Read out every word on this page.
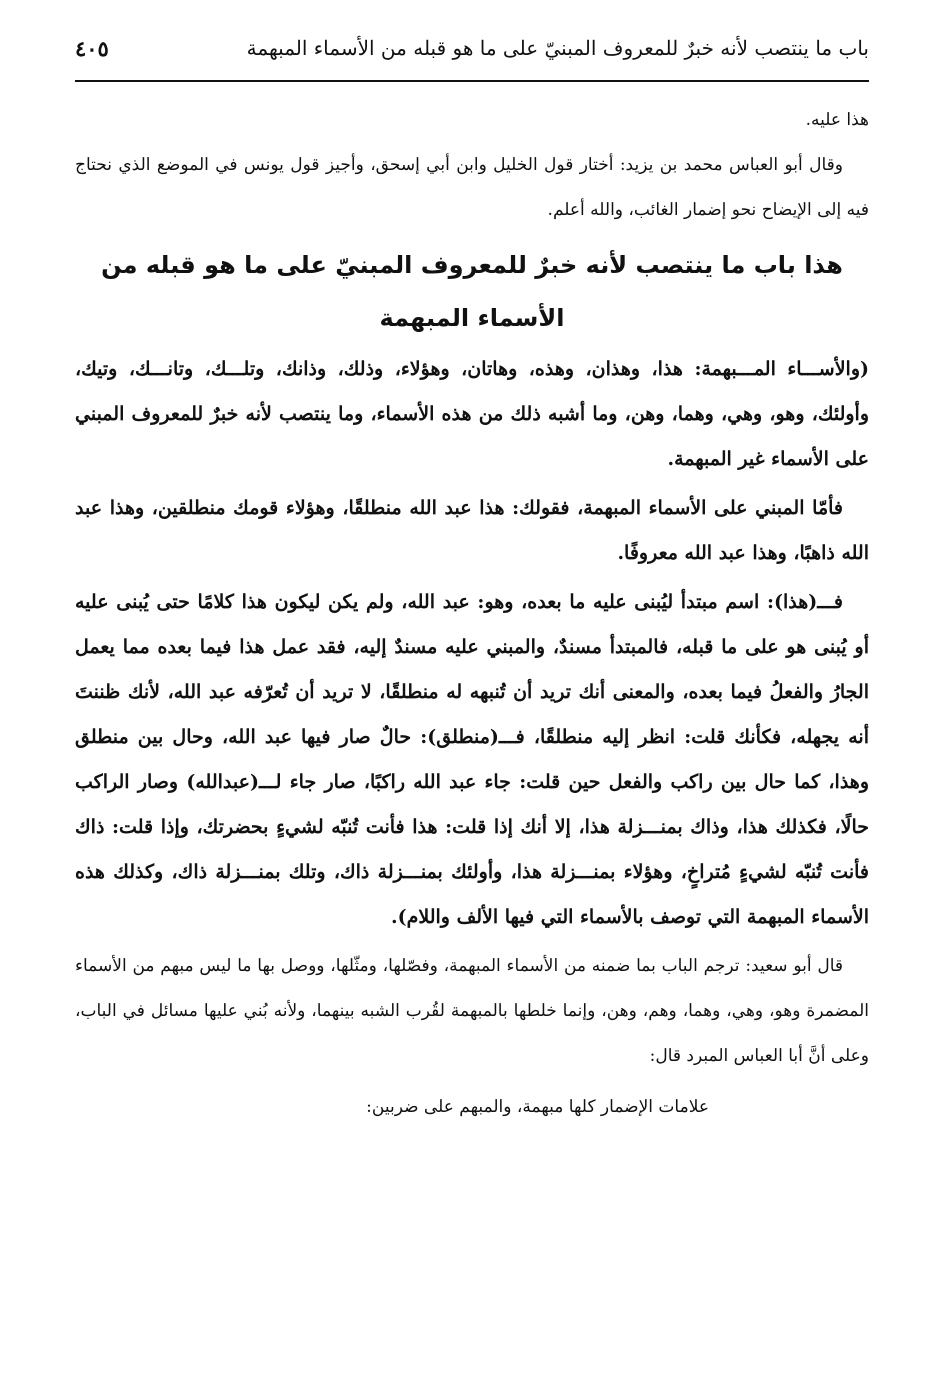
باب ما ينتصب لأنه خبرٌ للمعروف المبنيّ على ما هو قبله من الأسماء المبهمة
٤٠٥

هذا عليه.

وقال أبو العباس محمد بن يزيد: أختار قول الخليل وابن أبي إسحق، وأجيز قول يونس في الموضع الذي نحتاج فيه إلى الإيضاح نحو إضمار الغائب، والله أعلم.

هذا باب ما ينتصب لأنه خبرٌ للمعروف المبنيّ على ما هو قبله من الأسماء المبهمة

(والأســـاء المـــبهمة: هذا، وهذان، وهذه، وهاتان، وهؤلاء، وذلك، وذانك، وتلـــك، وتانـــك، وتيك، وأولئك، وهو، وهي، وهما، وهن، وما أشبه ذلك من هذه الأسماء، وما ينتصب لأنه خبرٌ للمعروف المبني على الأسماء غير المبهمة.

فأمّا المبني على الأسماء المبهمة، فقولك: هذا عبد الله منطلقًا، وهؤلاء قومك منطلقين، وهذا عبد الله ذاهبًا، وهذا عبد الله معروفًا.

فـــ(هذا): اسم مبتدأ ليُبنى عليه ما بعده، وهو: عبد الله، ولم يكن ليكون هذا كلامًا حتى يُبنى عليه أو يُبنى هو على ما قبله، فالمبتدأ مسندٌ، والمبني عليه مسندٌ إليه، فقد عمل هذا فيما بعده مما يعمل الجارُ والفعلُ فيما بعده، والمعنى أنك تريد أن تُنبهه له منطلقًا، لا تريد أن تُعرّفه عبد الله، لأنك ظننتَ أنه يجهله، فكأنك قلت: انظر إليه منطلقًا، فـــ(منطلق): حالٌ صار فيها عبد الله، وحال بين منطلق وهذا، كما حال بين راكب والفعل حين قلت: جاء عبد الله راكبًا، صار جاء لـــ(عبدالله) وصار الراكب حالًا، فكذلك هذا، وذاك بمنـــزلة هذا، إلا أنك إذا قلت: هذا فأنت تُنبّه لشيءٍ بحضرتك، وإذا قلت: ذاك فأنت تُنبّه لشيءٍ مُتراخٍ، وهؤلاء بمنـــزلة هذا، وأولئك بمنـــزلة ذاك، وتلك بمنـــزلة ذاك، وكذلك هذه الأسماء المبهمة التي توصف بالأسماء التي فيها الألف واللام).

قال أبو سعيد: ترجم الباب بما ضمنه من الأسماء المبهمة، وفصّلها، ومثّلها، ووصل بها ما ليس مبهم من الأسماء المضمرة وهو، وهي، وهما، وهم، وهن، وإنما خلطها بالمبهمة لقُرب الشبه بينهما، ولأنه بُني عليها مسائل في الباب، وعلى أنَّ أبا العباس المبرد قال:

علامات الإضمار كلها مبهمة، والمبهم على ضربين:
